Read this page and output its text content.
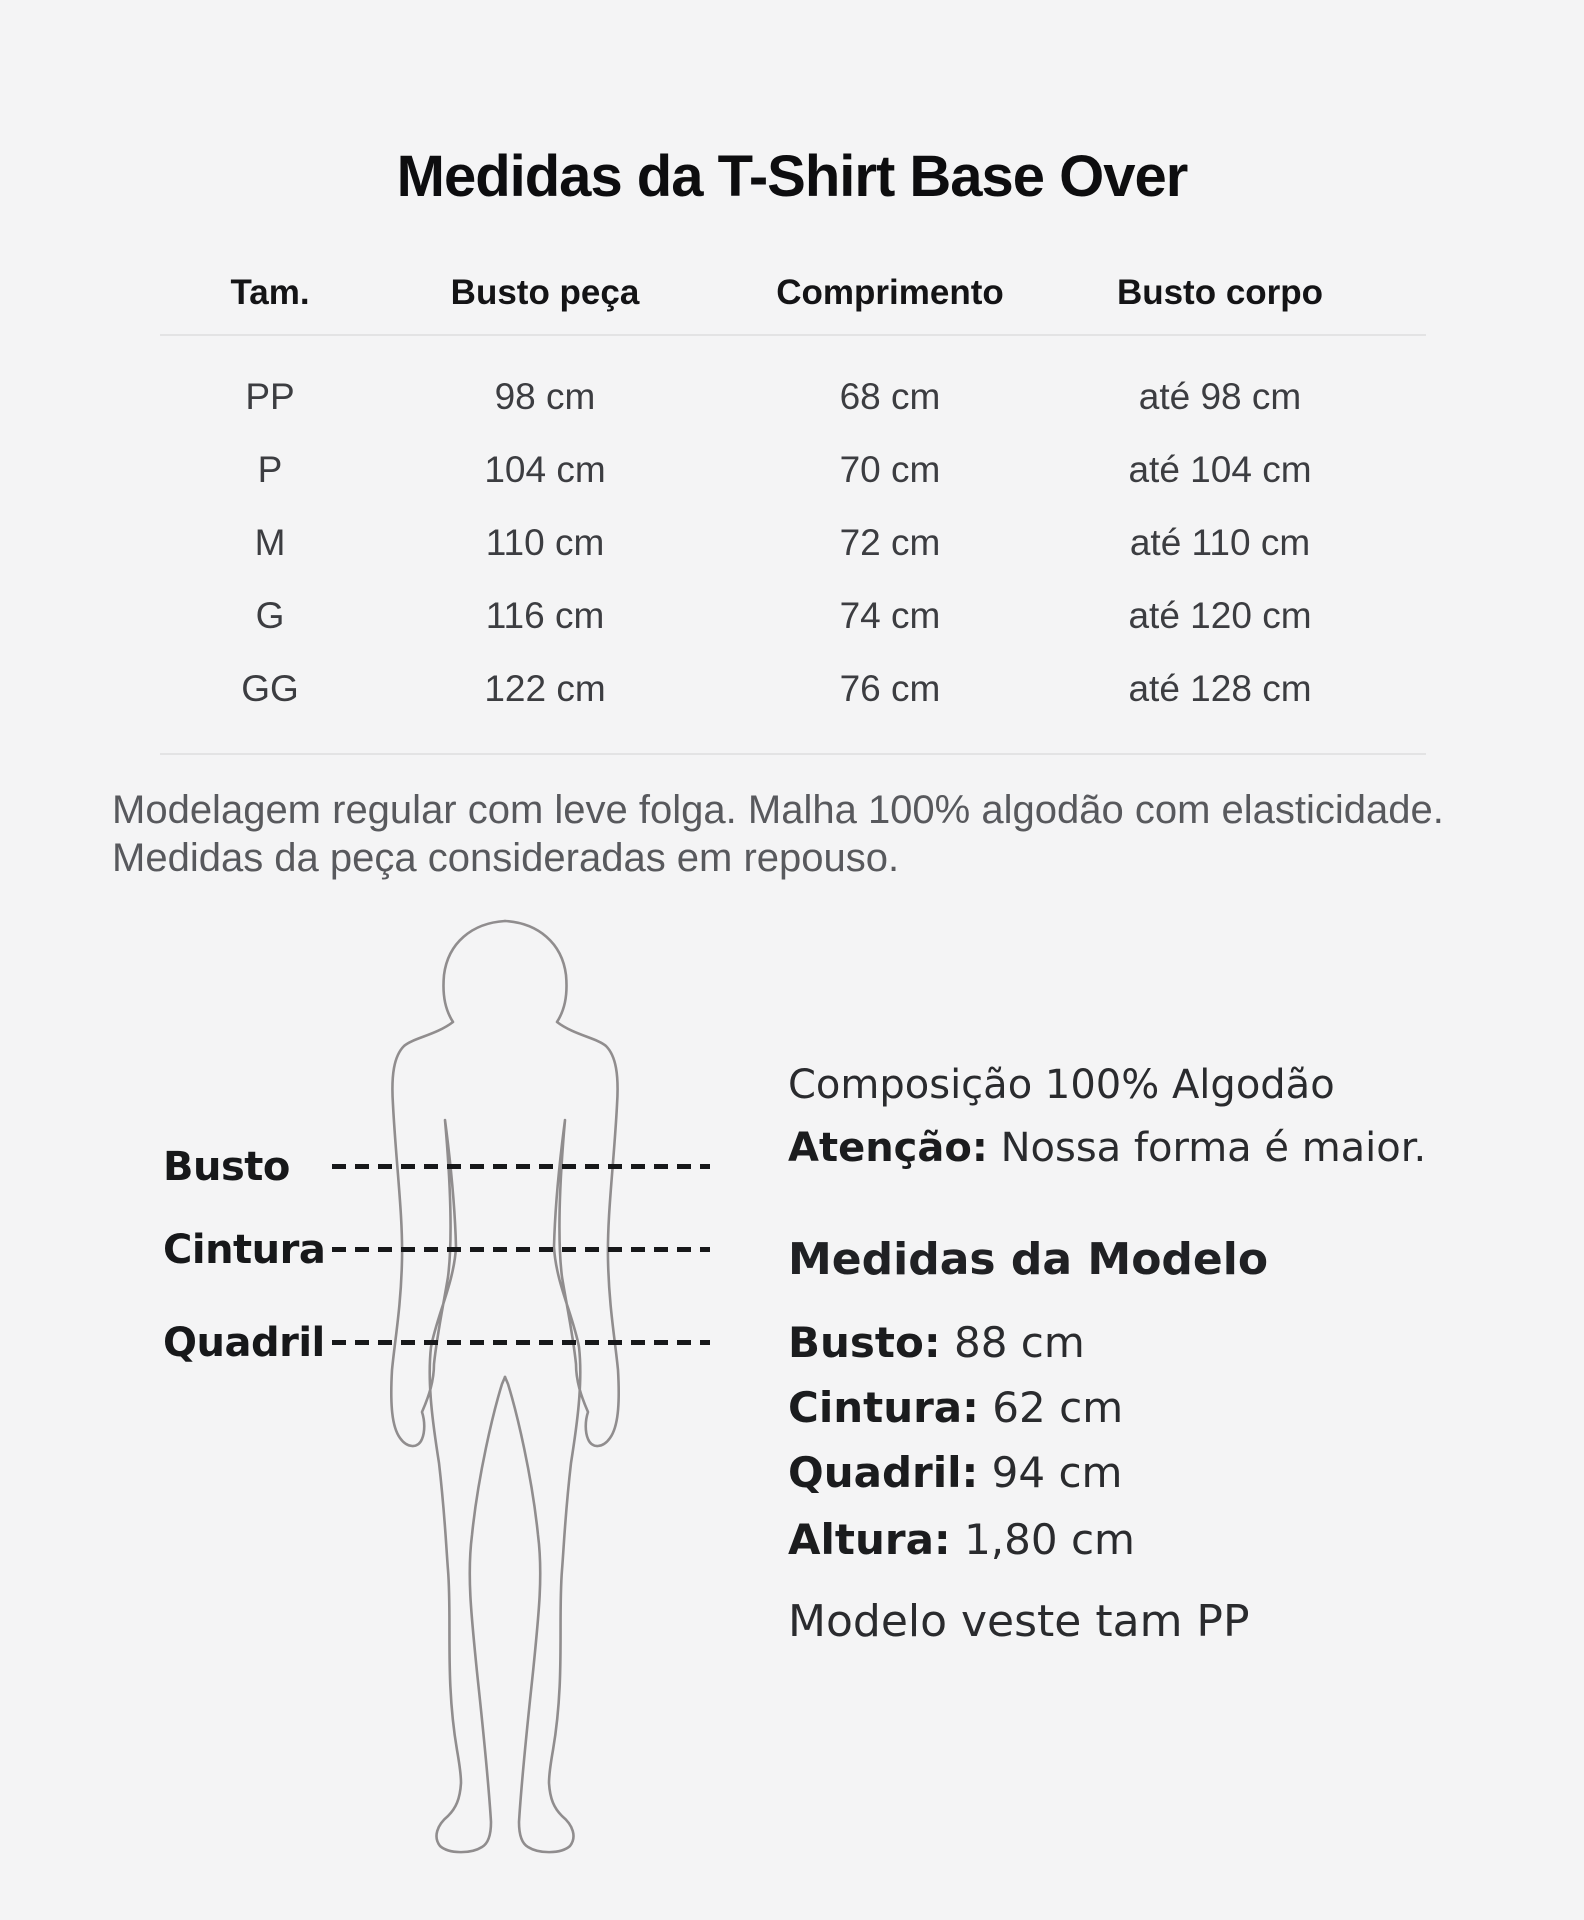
Medidas da T-Shirt Base Over
Tam.	Busto peça	Comprimento	Busto corpo
PP	98 cm	68 cm	até 98 cm
P	104 cm	70 cm	até 104 cm
M	110 cm	72 cm	até 110 cm
G	116 cm	74 cm	até 120 cm
GG	122 cm	76 cm	até 128 cm
Modelagem regular com leve folga. Malha 100% algodão com elasticidade.
Medidas da peça consideradas em repouso.
Busto
Cintura
Quadril
Composição 100% Algodão
Atenção: Nossa forma é maior.
Medidas da Modelo
Busto: 88 cm
Cintura: 62 cm
Quadril: 94 cm
Altura: 1,80 cm
Modelo veste tam PP
